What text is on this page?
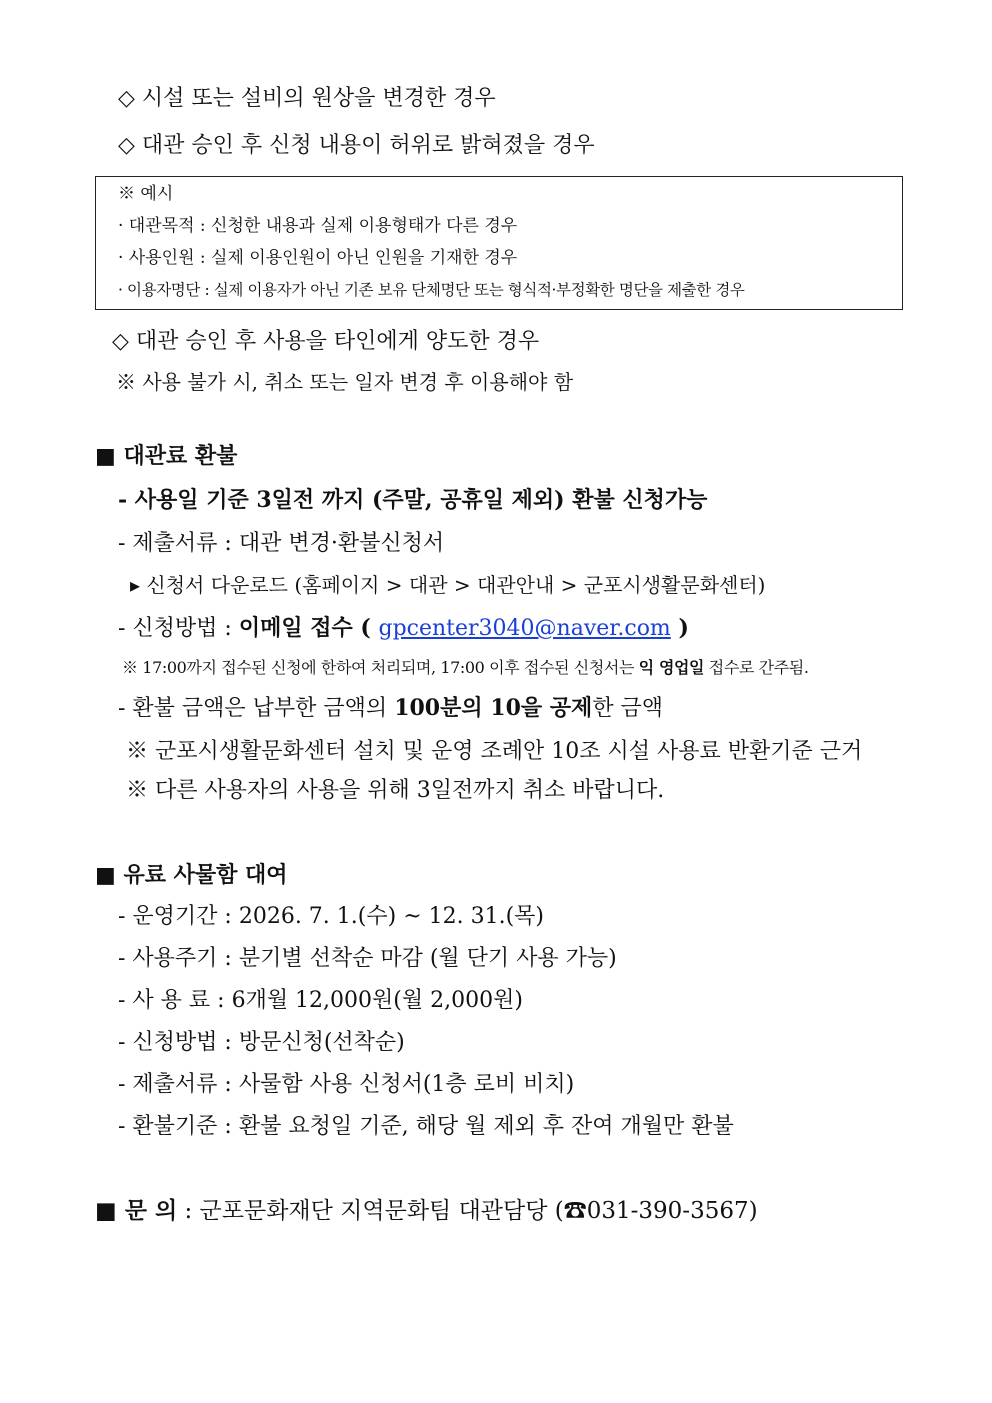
◇ 시설 또는 설비의 원상을 변경한 경우
◇ 대관 승인 후 신청 내용이 허위로 밝혀졌을 경우
※ 예시
· 대관목적 : 신청한 내용과 실제 이용형태가 다른 경우
· 사용인원 : 실제 이용인원이 아닌 인원을 기재한 경우
· 이용자명단 : 실제 이용자가 아닌 기존 보유 단체명단 또는 형식적·부정확한 명단을 제출한 경우
◇ 대관 승인 후 사용을 타인에게 양도한 경우
※ 사용 불가 시, 취소 또는 일자 변경 후 이용해야 함
■ 대관료 환불
- 사용일 기준 3일전 까지 (주말, 공휴일 제외) 환불 신청가능
- 제출서류 : 대관 변경·환불신청서
▸ 신청서 다운로드 (홈페이지 > 대관 > 대관안내 > 군포시생활문화센터)
- 신청방법 : 이메일 접수 ( gpcenter3040@naver.com )
※ 17:00까지 접수된 신청에 한하여 처리되며, 17:00 이후 접수된 신청서는 익 영업일 접수로 간주됨.
- 환불 금액은 납부한 금액의 100분의 10을 공제한 금액
※ 군포시생활문화센터 설치 및 운영 조례안 10조 시설 사용료 반환기준 근거
※ 다른 사용자의 사용을 위해 3일전까지 취소 바랍니다.
■ 유료 사물함 대여
- 운영기간 : 2026. 7. 1.(수) ~ 12. 31.(목)
- 사용주기 : 분기별 선착순 마감 (월 단기 사용 가능)
- 사 용 료 : 6개월 12,000원(월 2,000원)
- 신청방법 : 방문신청(선착순)
- 제출서류 : 사물함 사용 신청서(1층 로비 비치)
- 환불기준 : 환불 요청일 기준, 해당 월 제외 후 잔여 개월만 환불
■ 문 의 : 군포문화재단 지역문화팀 대관담당 (☎031-390-3567)
